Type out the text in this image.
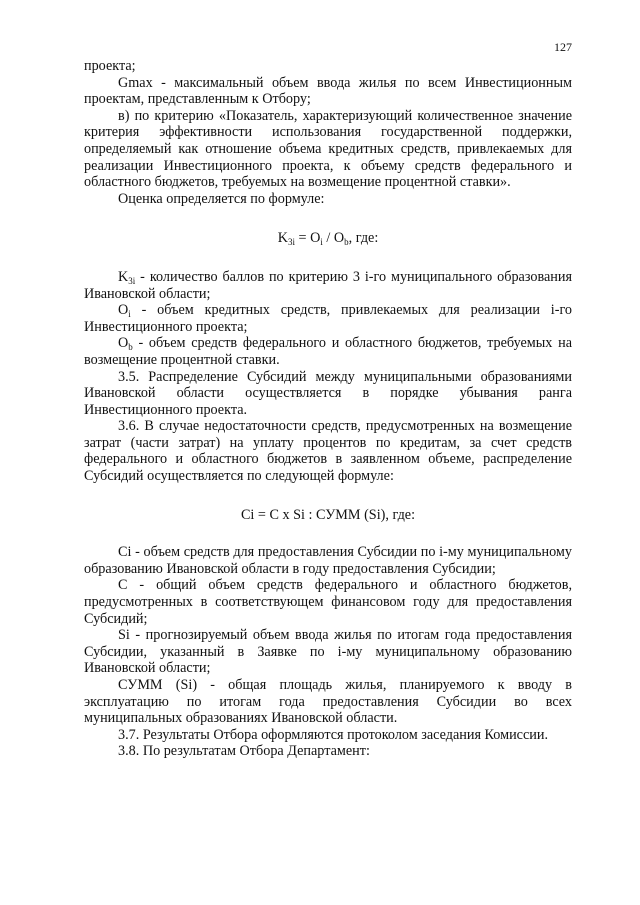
127

проекта;

Gmax - максимальный объем ввода жилья по всем Инвестиционным проектам, представленным к Отбору;

в) по критерию «Показатель, характеризующий количественное значение критерия эффективности использования государственной поддержки, определяемый как отношение объема кредитных средств, привлекаемых для реализации Инвестиционного проекта, к объему средств федерального и областного бюджетов, требуемых на возмещение процентной ставки».

Оценка определяется по формуле:

$K_{3i} = O_i / O_b$, где:

$K_{3i}$ - количество баллов по критерию 3 i-го муниципального образования Ивановской области;

$O_i$ - объем кредитных средств, привлекаемых для реализации i-го Инвестиционного проекта;

$O_b$ - объем средств федерального и областного бюджетов, требуемых на возмещение процентной ставки.

3.5. Распределение Субсидий между муниципальными образованиями Ивановской области осуществляется в порядке убывания ранга Инвестиционного проекта.

3.6. В случае недостаточности средств, предусмотренных на возмещение затрат (части затрат) на уплату процентов по кредитам, за счет средств федерального и областного бюджетов в заявленном объеме, распределение Субсидий осуществляется по следующей формуле:

Ci = C x Si : СУММ (Si), где:

Ci - объем средств для предоставления Субсидии по i-му муниципальному образованию Ивановской области в году предоставления Субсидии;

C - общий объем средств федерального и областного бюджетов, предусмотренных в соответствующем финансовом году для предоставления Субсидий;

Si - прогнозируемый объем ввода жилья по итогам года предоставления Субсидии, указанный в Заявке по i-му муниципальному образованию Ивановской области;

СУММ (Si) - общая площадь жилья, планируемого к вводу в эксплуатацию по итогам года предоставления Субсидии во всех муниципальных образованиях Ивановской области.

3.7. Результаты Отбора оформляются протоколом заседания Комиссии.

3.8. По результатам Отбора Департамент:
